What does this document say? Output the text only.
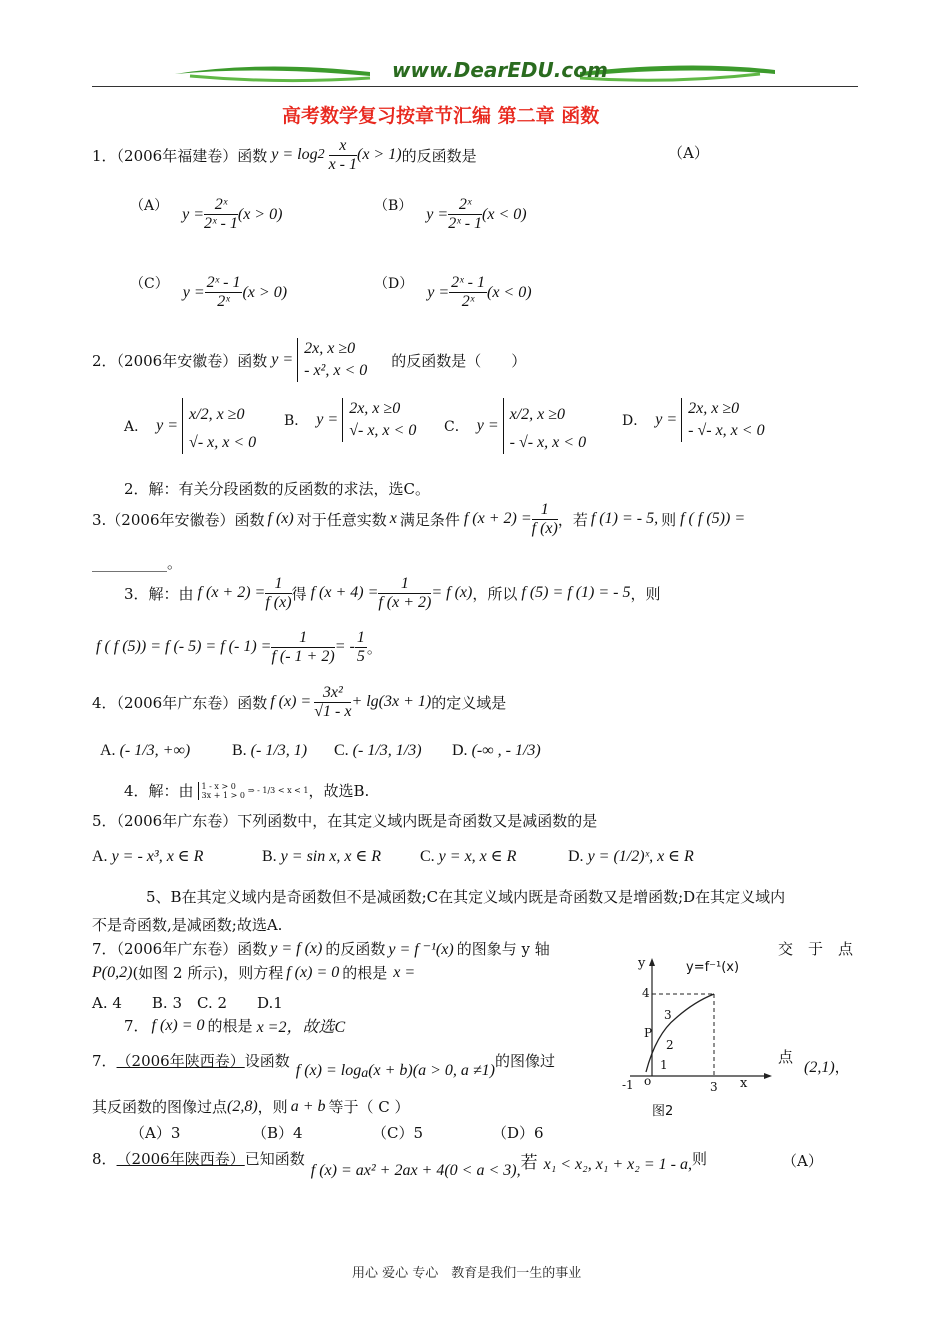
www.DearEDU.com
高考数学复习按章节汇编 第二章 函数
1．（2006年福建卷）函数 $y = \log 2 \frac{x}{x - 1} (x > 1)$ 的反函数是	（A）
（A） $y = \frac{\text{2ˣ}}{\text{2ˣ - 1}} (x > 0)$	（B） $y = \frac{\text{2ˣ}}{\text{2ˣ - 1}} (x < 0)$
（C） $y = \frac{\text{2ˣ - 1}}{\text{2ˣ}} (x > 0)$	（D） $y = \frac{\text{2ˣ - 1}}{\text{2ˣ}} (x < 0)$
2．（2006年安徽卷）函数 y =
2x, x ≥0
- x², x < 0
的反函数是（　　）
A． y =
x/2, x ≥0
√- x, x < 0
B． y =
2x, x ≥0
√- x, x < 0 C． y =
x/2, x ≥0
- √- x, x < 0
D． y =
2x, x ≥0
- √- x, x < 0
2．解：有关分段函数的反函数的求法，选C。
3.（2006年安徽卷）函数 f (x) 对于任意实数 x 满足条件 f $(x + 2) = \frac{1}{f (x)}$ ，若 f (1) = - 5, 则 f ( f (5)) =
__________。
3．解：由 f $(x + 2) = \frac{1}{f (x)}$ 得 f $(x + 4) = \frac{1}{f (x + 2)} = f$ (x) ，所以 f (5) = f (1) = - 5 ，则
f ( f (5)) = f (- 5) = f (- $1) = \frac{1}{f (- 1 + 2)}$ = - $\frac{1}{5}$ 。
4．（2006年广东卷）函数 f $(x) = \frac{\text{3x²}}{√1 - x} + \lg(3x + 1)$ 的定义域是
A. (- 1/3, +∞)	B. (- 1/3, 1) C. (- 1/3, 1/3) D. (-∞ , - 1/3)
4．解：由 1 - x > 0
3x + 1 > 0 ⇒ - 1/3 < x < 1 ，故选B.
5．（2006年广东卷）下列函数中，在其定义域内既是奇函数又是减函数的是
A. y = - x³, x ∈ R	B. y = sin x, x ∈ R C. y = x, x ∈ R	D. y = (1/2)ˣ, x ∈ R
5、B在其定义域内是奇函数但不是减函数;C在其定义域内既是奇函数又是增函数;D在其定义域内
不是奇函数,是减函数;故选A.
7．（2006年广东卷）函数 y = f (x) 的反函数 y = f ⁻¹(x) 的图象与 y 轴	交　于　点
P(0,2) (如图 2 所示)，则方程 f (x) = 0 的根是 x =
A. 4　　B. 3　C. 2　　D.1
7． f (x) = 0 的根是 x =2，故选C
y	y=f⁻¹(x)
4
3
P
2
1
-1 o	3 x
图2
7． （2006年陕西卷） 设函数
f (x) = log a (x + b)(a > 0, a ≠1)
的图像过	点
(2,1)，
其反函数的图像过点 (2,8) ，则 a + b 等于（ C ）
（A）3	（B）4	（C）5	（D）6
8． （2006年陕西卷） 已知函数
f (x) = ax² + 2ax + 4(0 < a < 3), 若 x₁ < x₂, x₁ + x₂ = 1 - a, 则	（A）
用心 爱心 专心　教育是我们一生的事业
